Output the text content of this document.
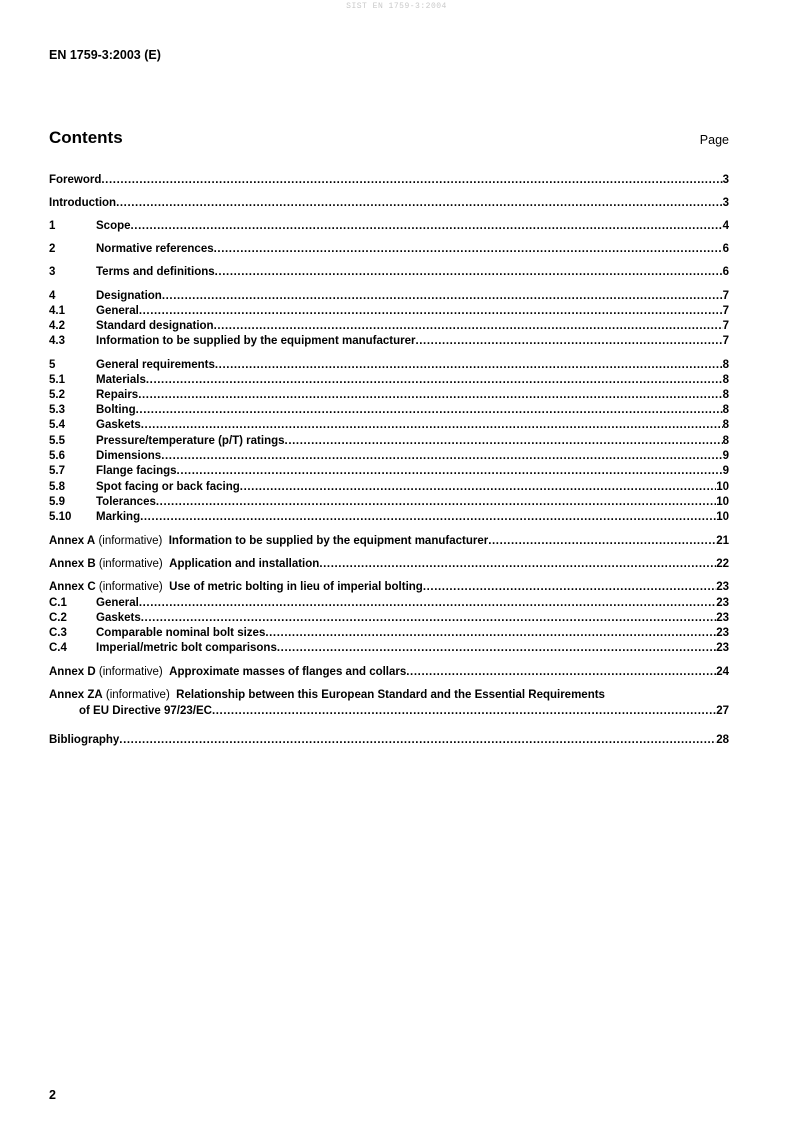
SIST EN 1759-3:2004
EN 1759-3:2003 (E)
Contents	Page
Foreword .....	3
Introduction .....	3
1	Scope .....	4
2	Normative references .....	6
3	Terms and definitions .....	6
4	Designation .....	7
4.1	General .....	7
4.2	Standard designation .....	7
4.3	Information to be supplied by the equipment manufacturer .....	7
5	General requirements .....	8
5.1	Materials .....	8
5.2	Repairs .....	8
5.3	Bolting .....	8
5.4	Gaskets .....	8
5.5	Pressure/temperature (p/T) ratings .....	8
5.6	Dimensions .....	9
5.7	Flange facings .....	9
5.8	Spot facing or back facing .....	10
5.9	Tolerances .....	10
5.10	Marking .....	10
Annex A (informative) Information to be supplied by the equipment manufacturer .....	21
Annex B (informative) Application and installation .....	22
Annex C (informative) Use of metric bolting in lieu of imperial bolting .....	23
C.1	General .....	23
C.2	Gaskets .....	23
C.3	Comparable nominal bolt sizes .....	23
C.4	Imperial/metric bolt comparisons .....	23
Annex D (informative) Approximate masses of flanges and collars .....	24
Bibliography .....	28
Annex ZA (informative) Relationship between this European Standard and the Essential Requirements
of EU Directive 97/23/EC .....	27
2
